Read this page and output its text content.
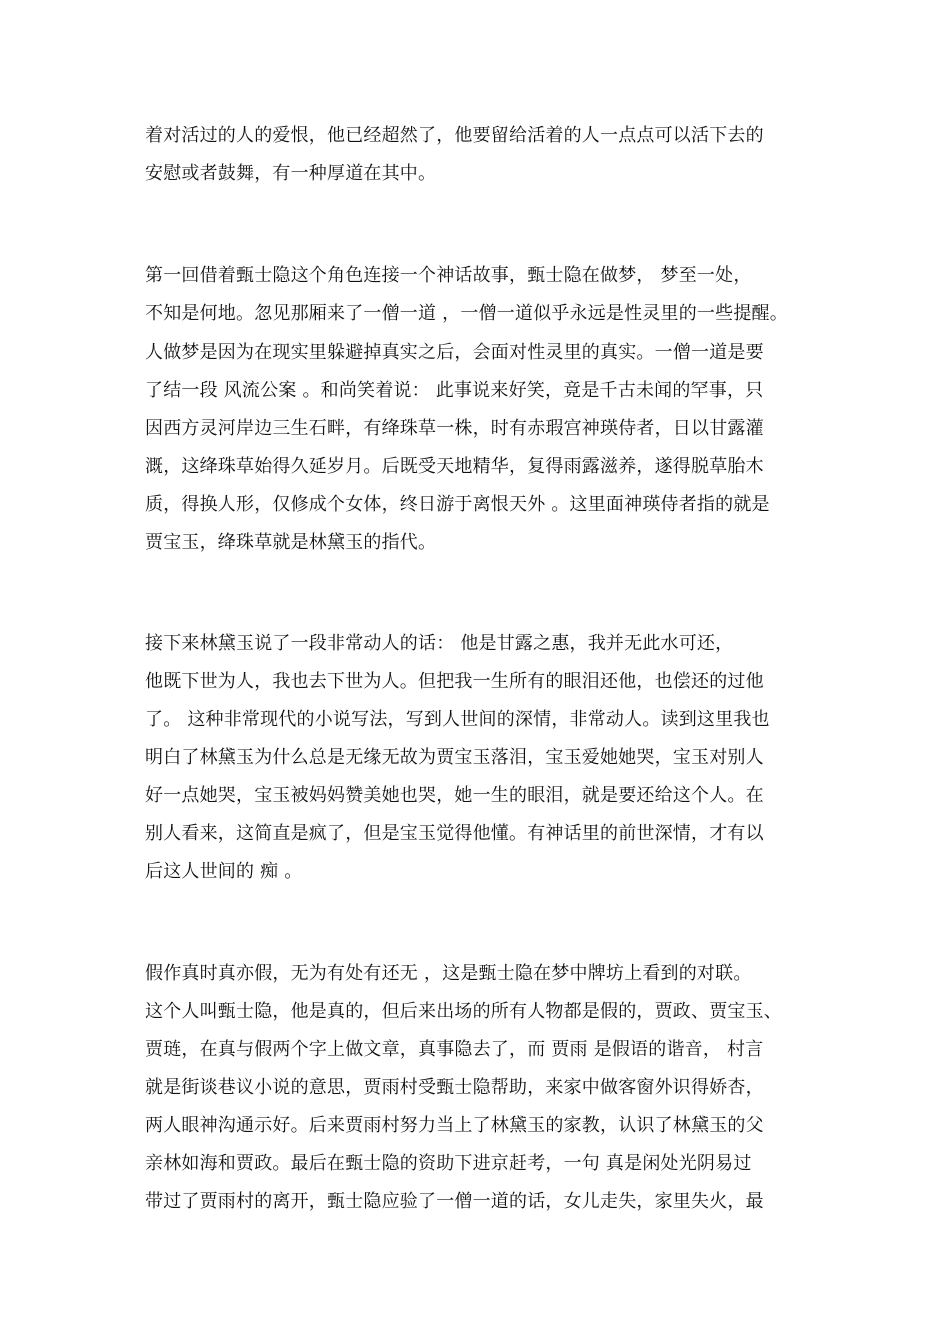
着对活过的人的爱恨，他已经超然了，他要留给活着的人一点点可以活下去的
安慰或者鼓舞，有一种厚道在其中。
第一回借着甄士隐这个角色连接一个神话故事，甄士隐在做梦， 梦至一处，
不知是何地。忽见那厢来了一僧一道 ，一僧一道似乎永远是性灵里的一些提醒。
人做梦是因为在现实里躲避掉真实之后，会面对性灵里的真实。一僧一道是要
了结一段 风流公案 。和尚笑着说： 此事说来好笑，竟是千古未闻的罕事，只
因西方灵河岸边三生石畔，有绛珠草一株，时有赤瑕宫神瑛侍者，日以甘露灌
溉，这绛珠草始得久延岁月。后既受天地精华，复得雨露滋养，遂得脱草胎木
质，得换人形，仅修成个女体，终日游于离恨天外 。这里面神瑛侍者指的就是
贾宝玉，绛珠草就是林黛玉的指代。
接下来林黛玉说了一段非常动人的话： 他是甘露之惠，我并无此水可还，
他既下世为人，我也去下世为人。但把我一生所有的眼泪还他，也偿还的过他
了。 这种非常现代的小说写法，写到人世间的深情，非常动人。读到这里我也
明白了林黛玉为什么总是无缘无故为贾宝玉落泪，宝玉爱她她哭，宝玉对别人
好一点她哭，宝玉被妈妈赞美她也哭，她一生的眼泪，就是要还给这个人。在
别人看来，这简直是疯了，但是宝玉觉得他懂。有神话里的前世深情，才有以
后这人世间的 痴 。
假作真时真亦假，无为有处有还无 ，这是甄士隐在梦中牌坊上看到的对联。
这个人叫甄士隐，他是真的，但后来出场的所有人物都是假的，贾政、贾宝玉、
贾琏，在真与假两个字上做文章，真事隐去了，而 贾雨 是假语的谐音， 村言
就是街谈巷议小说的意思，贾雨村受甄士隐帮助，来家中做客窗外识得娇杏，
两人眼神沟通示好。后来贾雨村努力当上了林黛玉的家教，认识了林黛玉的父
亲林如海和贾政。最后在甄士隐的资助下进京赶考，一句 真是闲处光阴易过
带过了贾雨村的离开，甄士隐应验了一僧一道的话，女儿走失，家里失火，最
